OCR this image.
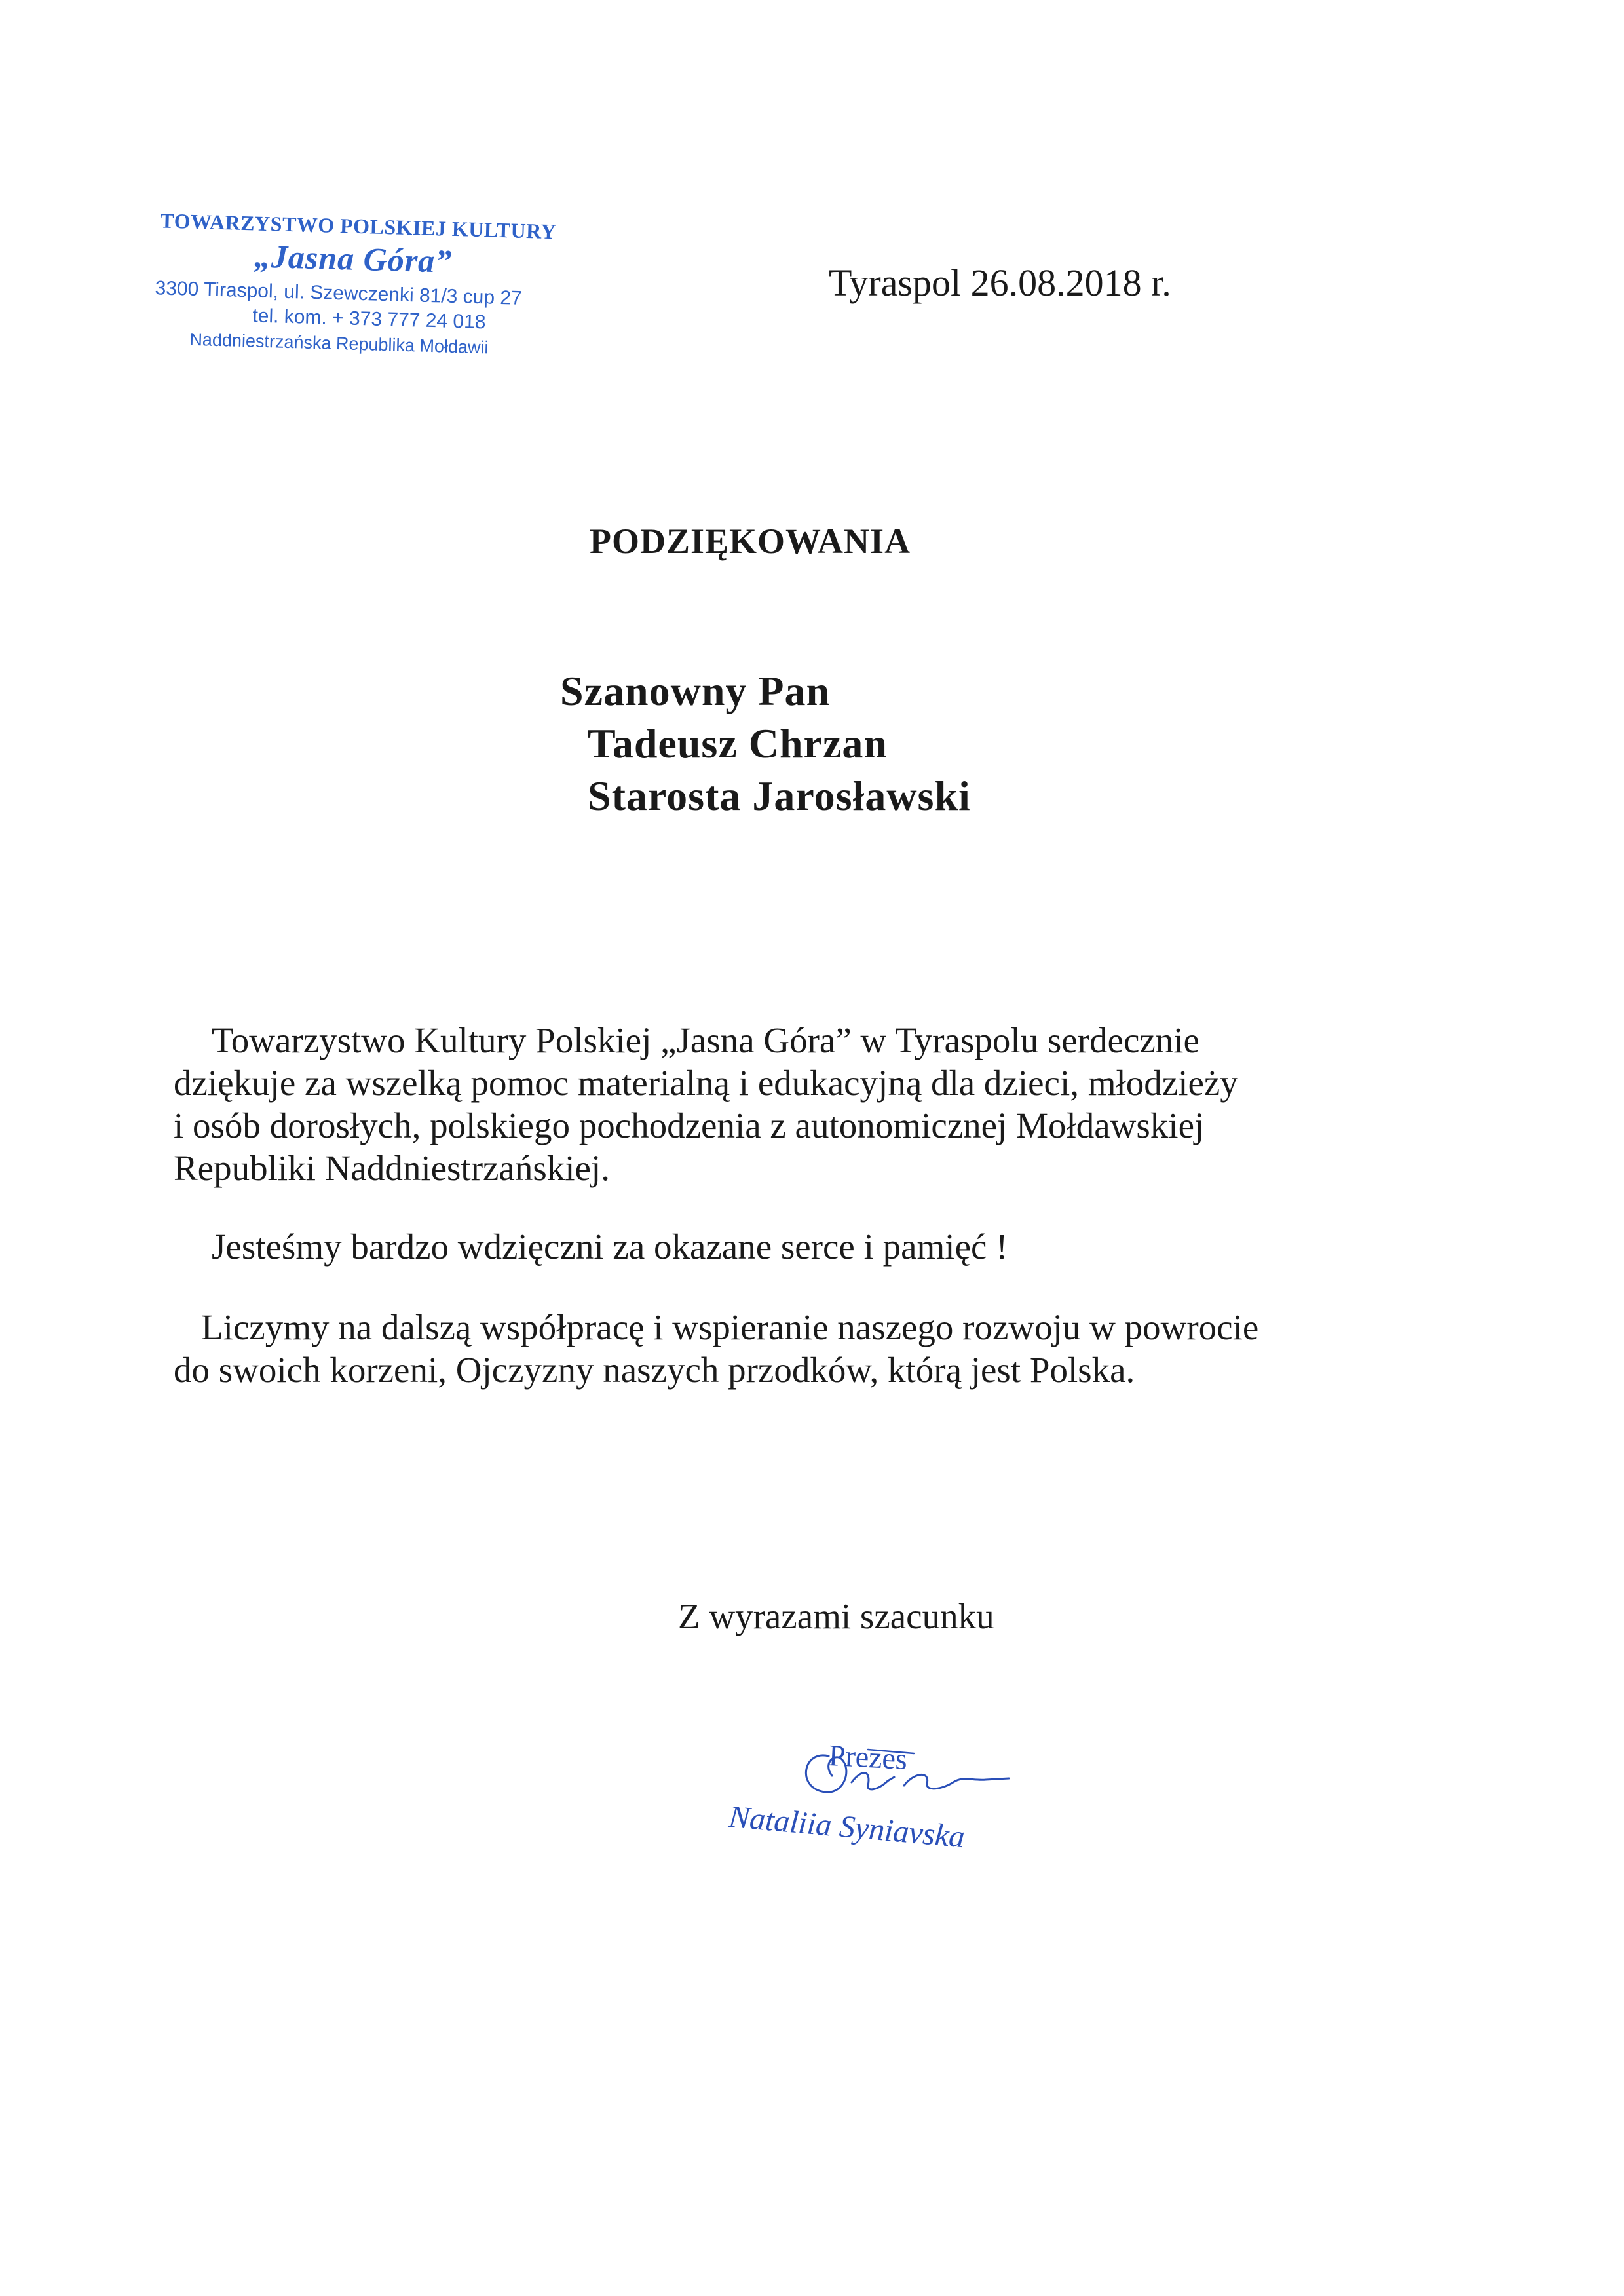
TOWARZYSTWO POLSKIEJ KULTURY
„Jasna Góra”
3300 Tiraspol, ul. Szewczenki 81/3 cup 27
tel. kom. + 373 777 24 018
Naddniestrzańska Republika Mołdawii
Tyraspol 26.08.2018 r.
PODZIĘKOWANIA
Szanowny Pan
Tadeusz Chrzan
Starosta Jarosławski
Towarzystwo Kultury Polskiej „Jasna Góra” w Tyraspolu serdecznie
dziękuje za wszelką pomoc materialną i edukacyjną dla dzieci, młodzieży
i osób dorosłych, polskiego pochodzenia z autonomicznej Mołdawskiej
Republiki Naddniestrzańskiej.
Jesteśmy bardzo wdzięczni za okazane serce i pamięć !
Liczymy na dalszą współpracę i wspieranie naszego rozwoju w powrocie
do swoich korzeni, Ojczyzny naszych przodków, którą jest Polska.
Z wyrazami szacunku
Prezes
Nataliia Syniavska
